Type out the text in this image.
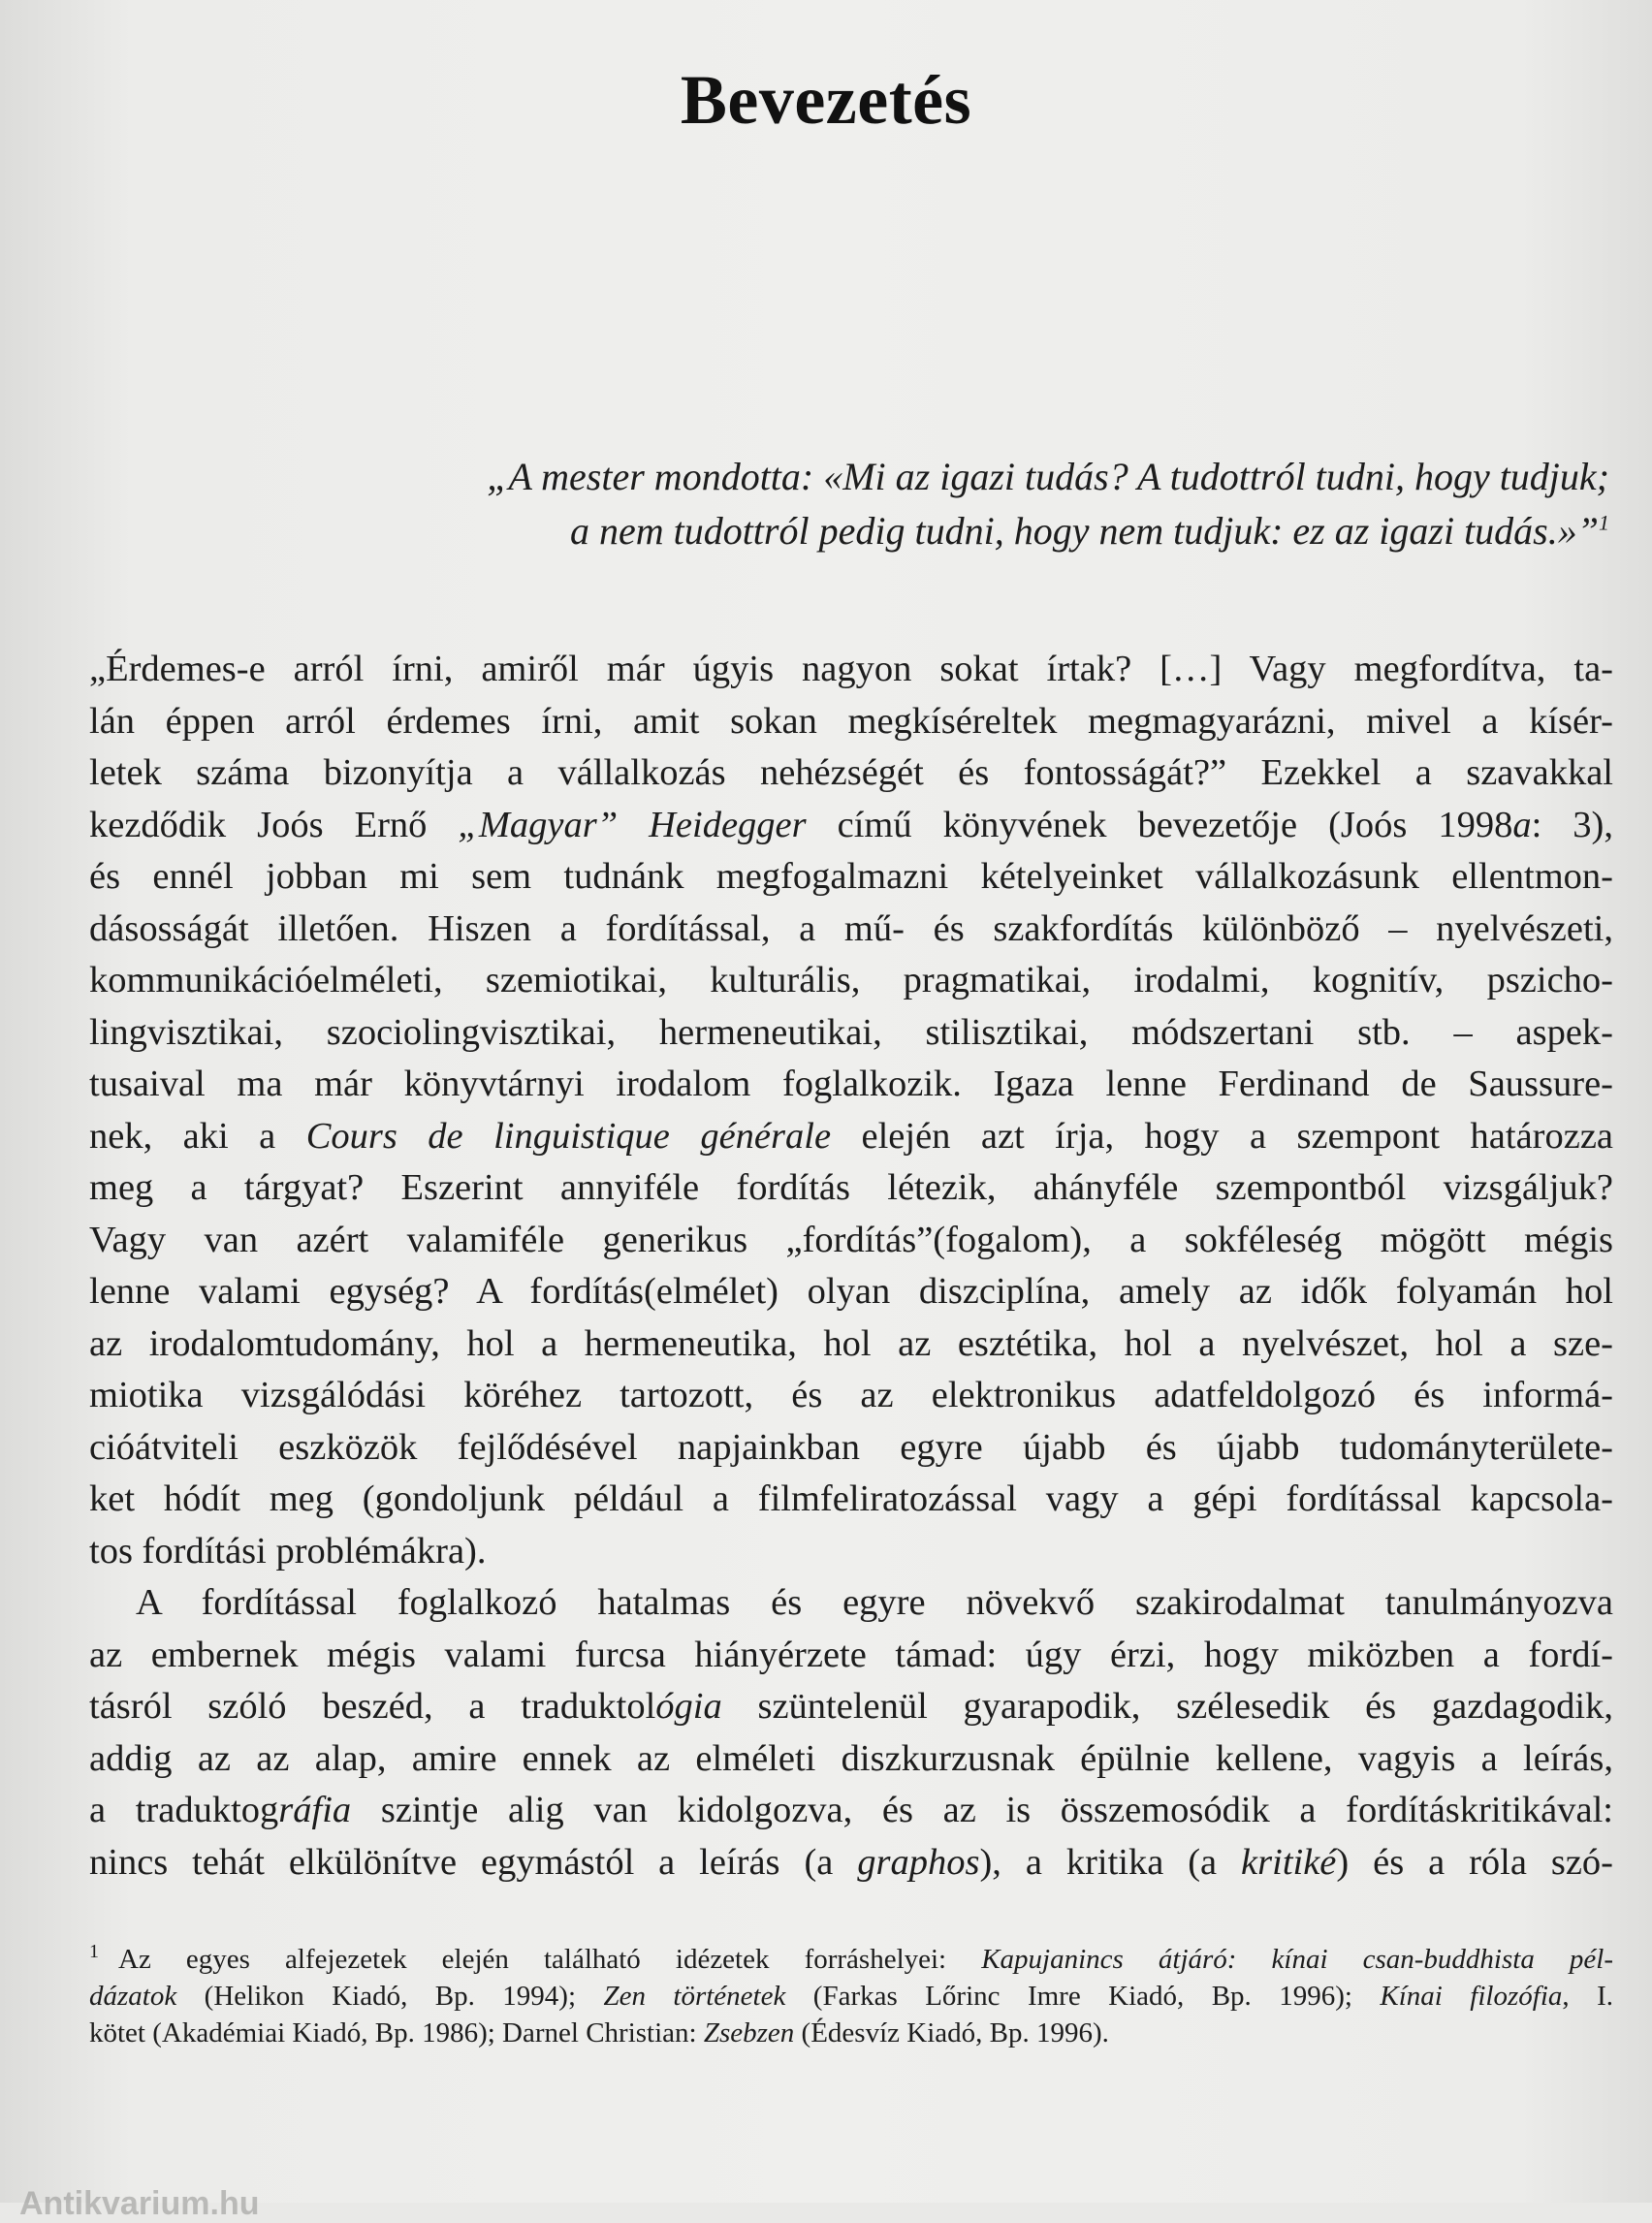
Bevezetés
„A mester mondotta: «Mi az igazi tudás? A tudottról tudni, hogy tudjuk;
a nem tudottról pedig tudni, hogy nem tudjuk: ez az igazi tudás.»”$^1$
„Érdemes-e arról írni, amiről már úgyis nagyon sokat írtak? […] Vagy megfordítva, ta-
lán éppen arról érdemes írni, amit sokan megkíséreltek megmagyarázni, mivel a kísér-
letek száma bizonyítja a vállalkozás nehézségét és fontosságát?” Ezekkel a szavakkal
kezdődik Joós Ernő „Magyar” Heidegger című könyvének bevezetője (Joós 1998a: 3),
és ennél jobban mi sem tudnánk megfogalmazni kételyeinket vállalkozásunk ellentmon-
dásosságát illetően. Hiszen a fordítással, a mű- és szakfordítás különböző – nyelvészeti,
kommunikációelméleti, szemiotikai, kulturális, pragmatikai, irodalmi, kognitív, pszicho-
lingvisztikai, szociolingvisztikai, hermeneutikai, stilisztikai, módszertani stb. – aspek-
tusaival ma már könyvtárnyi irodalom foglalkozik. Igaza lenne Ferdinand de Saussure-
nek, aki a Cours de linguistique générale elején azt írja, hogy a szempont határozza
meg a tárgyat? Eszerint annyiféle fordítás létezik, ahányféle szempontból vizsgáljuk?
Vagy van azért valamiféle generikus „fordítás”(fogalom), a sokféleség mögött mégis
lenne valami egység? A fordítás(elmélet) olyan diszciplína, amely az idők folyamán hol
az irodalomtudomány, hol a hermeneutika, hol az esztétika, hol a nyelvészet, hol a sze-
miotika vizsgálódási köréhez tartozott, és az elektronikus adatfeldolgozó és informá-
cióátviteli eszközök fejlődésével napjainkban egyre újabb és újabb tudományterülete-
ket hódít meg (gondoljunk például a filmfeliratozással vagy a gépi fordítással kapcsola-
tos fordítási problémákra).
A fordítással foglalkozó hatalmas és egyre növekvő szakirodalmat tanulmányozva
az embernek mégis valami furcsa hiányérzete támad: úgy érzi, hogy miközben a fordí-
tásról szóló beszéd, a traduktológia szüntelenül gyarapodik, szélesedik és gazdagodik,
addig az az alap, amire ennek az elméleti diszkurzusnak épülnie kellene, vagyis a leírás,
a traduktográfia szintje alig van kidolgozva, és az is összemosódik a fordításkritikával:
nincs tehát elkülönítve egymástól a leírás (a graphos), a kritika (a kritiké) és a róla szó-
$^1$ Az egyes alfejezetek elején található idézetek forráshelyei: Kapujanincs átjáró: kínai csan-buddhista pél-
dázatok (Helikon Kiadó, Bp. 1994); Zen történetek (Farkas Lőrinc Imre Kiadó, Bp. 1996); Kínai filozófia, I.
kötet (Akadémiai Kiadó, Bp. 1986); Darnel Christian: Zsebzen (Édesvíz Kiadó, Bp. 1996).
Antikvarium.hu
